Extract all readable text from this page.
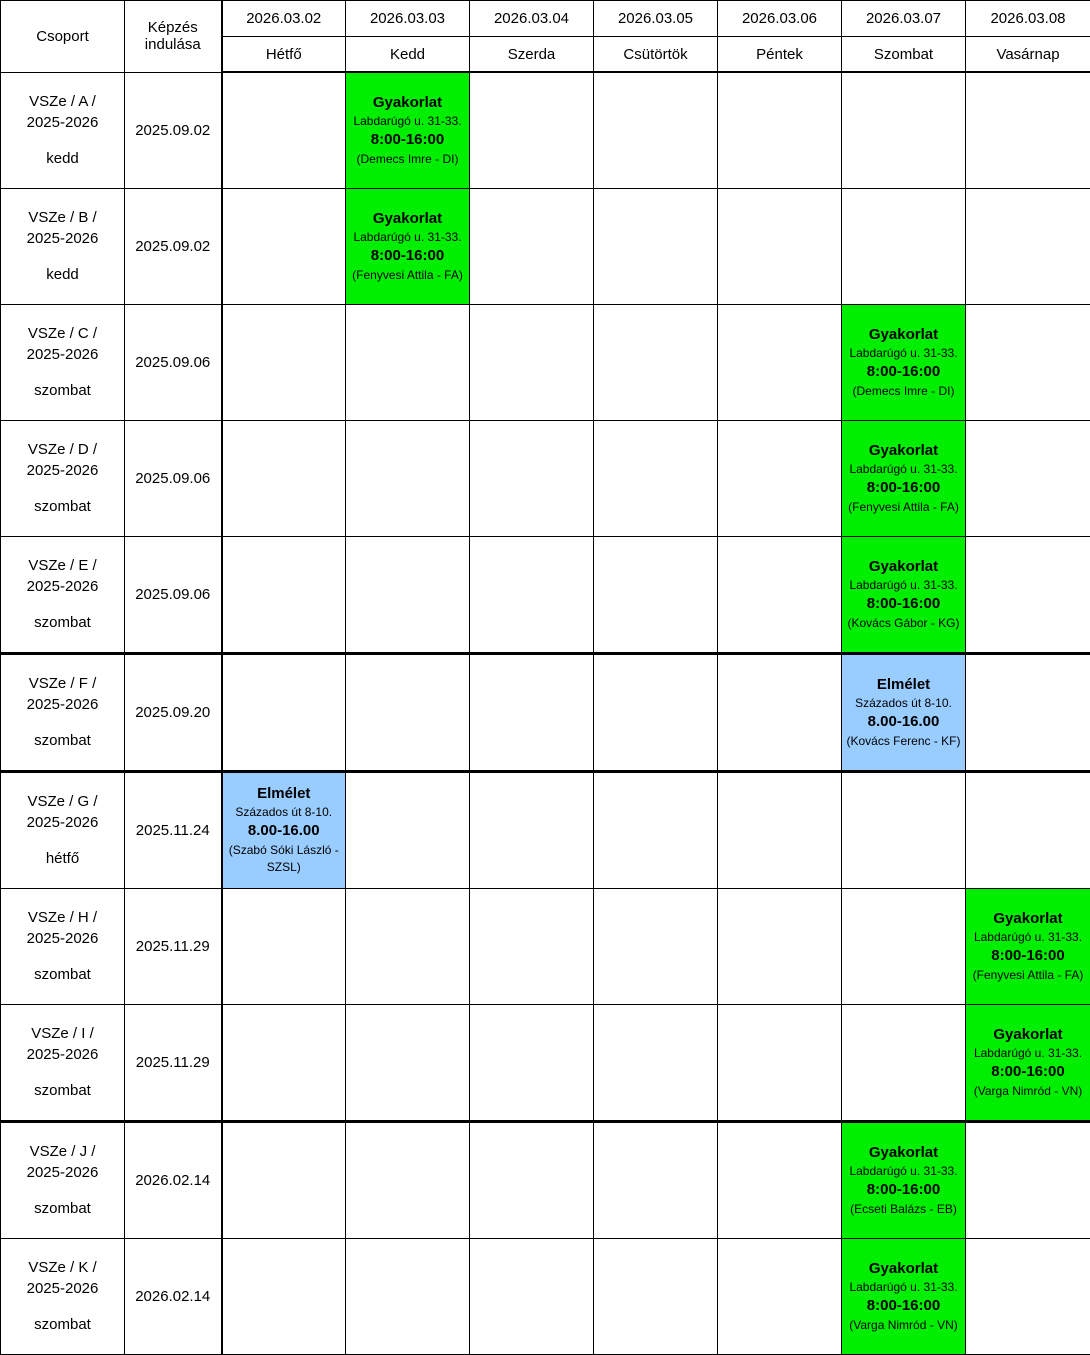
Csoport	Képzés indulása	2026.03.02	2026.03.03	2026.03.04	2026.03.05	2026.03.06	2026.03.07	2026.03.08
		Hétfő	Kedd	Szerda	Csütörtök	Péntek	Szombat	Vasárnap

VSZe / A /
2025-2026
kedd	2025.09.02		Gyakorlat
Labdarúgó u. 31-33.
8:00-16:00
(Demecs Imre - DI)					

VSZe / B /
2025-2026
kedd	2025.09.02		Gyakorlat
Labdarúgó u. 31-33.
8:00-16:00
(Fenyvesi Attila - FA)					

VSZe / C /
2025-2026
szombat	2025.09.06						Gyakorlat
Labdarúgó u. 31-33.
8:00-16:00
(Demecs Imre - DI)	

VSZe / D /
2025-2026
szombat	2025.09.06						Gyakorlat
Labdarúgó u. 31-33.
8:00-16:00
(Fenyvesi Attila - FA)	

VSZe / E /
2025-2026
szombat	2025.09.06						Gyakorlat
Labdarúgó u. 31-33.
8:00-16:00
(Kovács Gábor - KG)	

VSZe / F /
2025-2026
szombat	2025.09.20						Elmélet
Százados út 8-10.
8.00-16.00
(Kovács Ferenc - KF)	

VSZe / G /
2025-2026
hétfő	2025.11.24	Elmélet
Százados út 8-10.
8.00-16.00
(Szabó Sóki László - SZSL)						

VSZe / H /
2025-2026
szombat	2025.11.29							Gyakorlat
Labdarúgó u. 31-33.
8:00-16:00
(Fenyvesi Attila - FA)

VSZe / I /
2025-2026
szombat	2025.11.29							Gyakorlat
Labdarúgó u. 31-33.
8:00-16:00
(Varga Nimród - VN)

VSZe / J /
2025-2026
szombat	2026.02.14						Gyakorlat
Labdarúgó u. 31-33.
8:00-16:00
(Ecseti Balázs - EB)	

VSZe / K /
2025-2026
szombat	2026.02.14						Gyakorlat
Labdarúgó u. 31-33.
8:00-16:00
(Varga Nimród - VN)	
